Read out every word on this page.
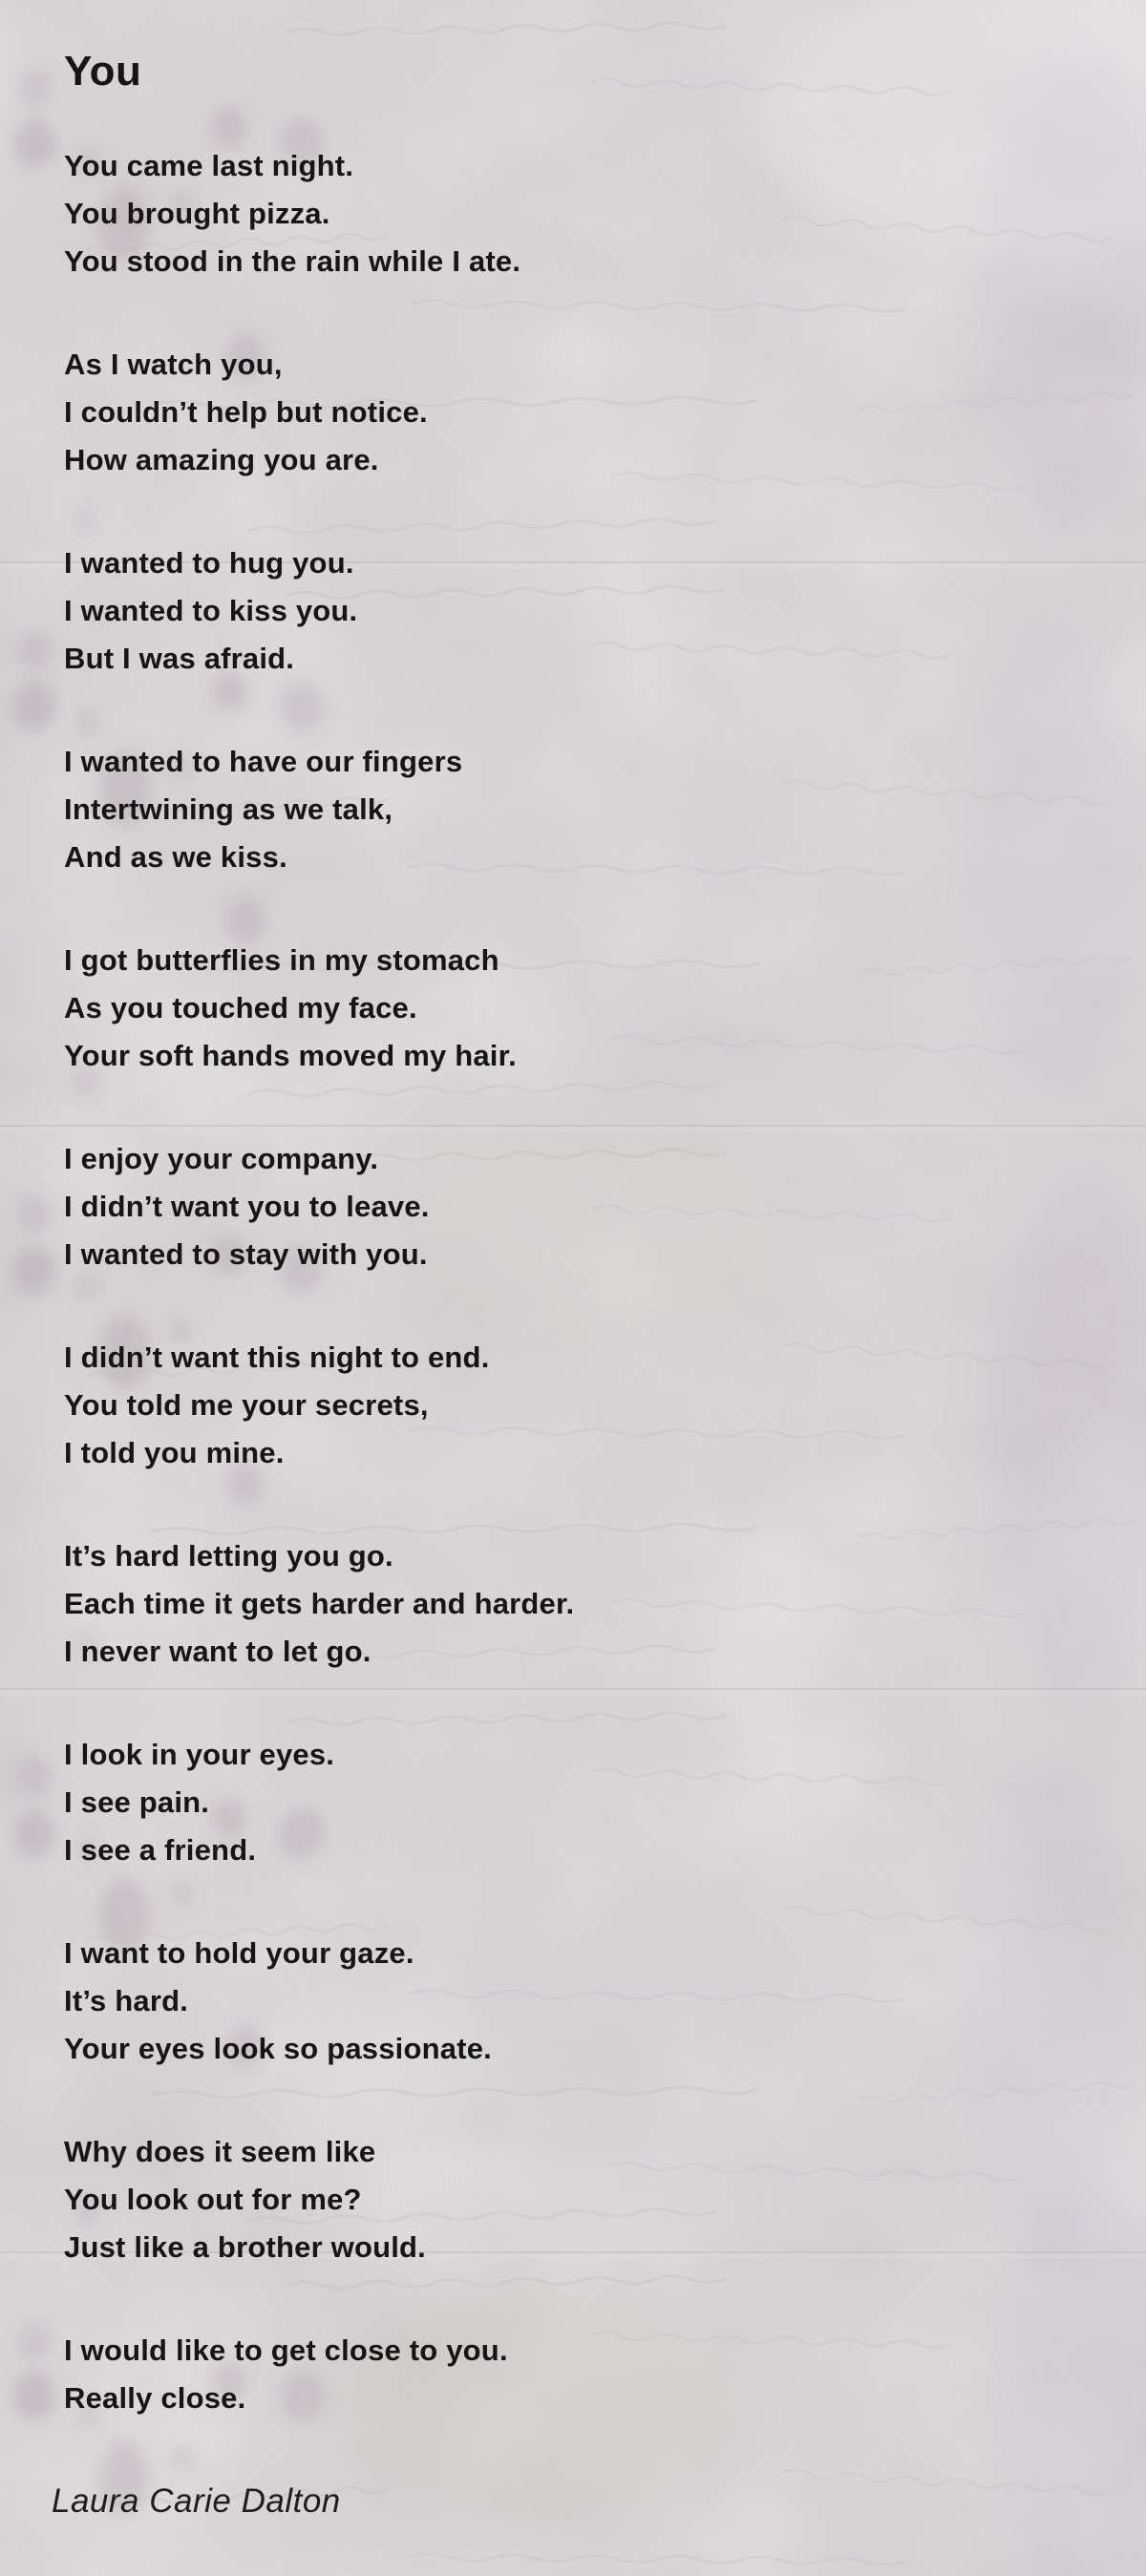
You
You came last night.
You brought pizza.
You stood in the rain while I ate.
As I watch you,
I couldn’t help but notice.
How amazing you are.
I wanted to hug you.
I wanted to kiss you.
But I was afraid.
I wanted to have our fingers
Intertwining as we talk,
And as we kiss.
I got butterflies in my stomach
As you touched my face.
Your soft hands moved my hair.
I enjoy your company.
I didn’t want you to leave.
I wanted to stay with you.
I didn’t want this night to end.
You told me your secrets,
I told you mine.
It’s hard letting you go.
Each time it gets harder and harder.
I never want to let go.
I look in your eyes.
I see pain.
I see a friend.
I want to hold your gaze.
It’s hard.
Your eyes look so passionate.
Why does it seem like
You look out for me?
Just like a brother would.
I would like to get close to you.
Really close.
Laura Carie Dalton
